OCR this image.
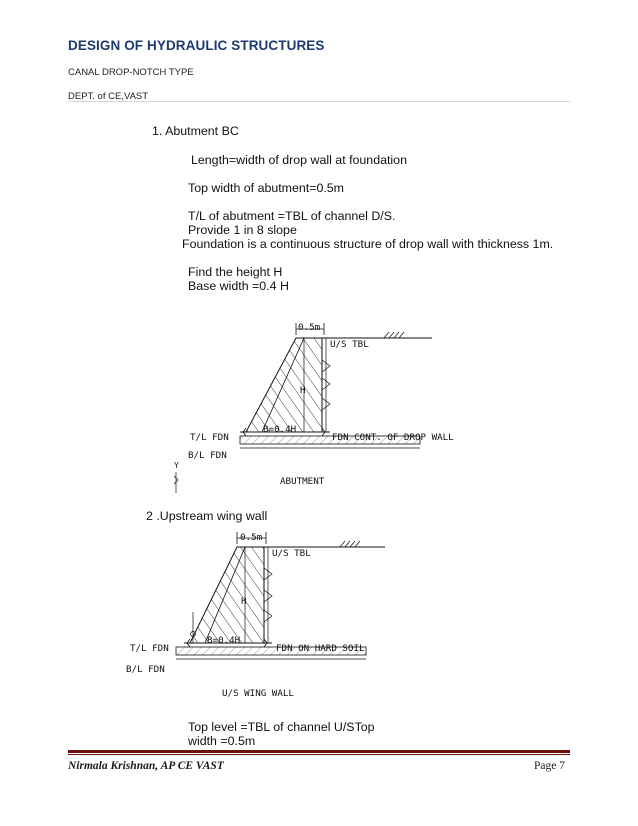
DESIGN OF HYDRAULIC STRUCTURES
CANAL DROP-NOTCH TYPE
DEPT. of CE,VAST
1. Abutment BC
Length=width of drop wall at foundation
Top width of abutment=0.5m
T/L of abutment =TBL of channel D/S.
Provide 1 in 8 slope
Foundation is a continuous structure of drop wall with thickness 1m.
Find the height H
Base width =0.4 H
0.5m
U/S TBL
H
B=0.4H
T/L FDN
B/L FDN
FDN CONT. OF DROP WALL
Y
ABUTMENT
0.5m
U/S TBL
H
B=0.4H
T/L FDN
B/L FDN
FDN ON HARD SOIL
U/S WING WALL
2 .Upstream wing wall
Top level =TBL of channel U/STop
width =0.5m
Nirmala Krishnan, AP CE VAST	Page 7
